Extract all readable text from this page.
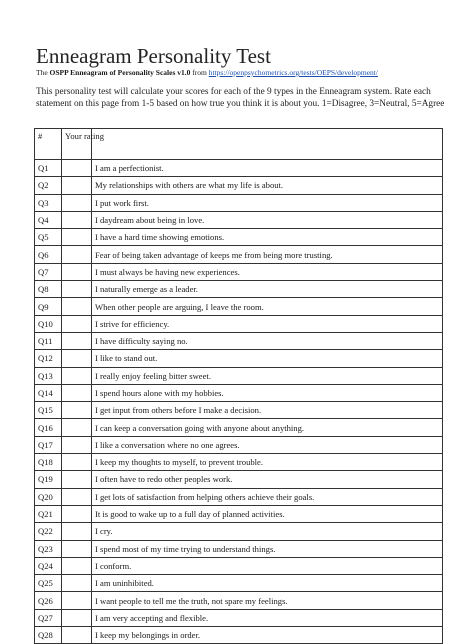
Enneagram Personality Test
The OSPP Enneagram of Personality Scales v1.0 from https://openpsychometrics.org/tests/OEPS/development/
This personality test will calculate your scores for each of the 9 types in the Enneagram system. Rate each statement on this page from 1-5 based on how true you think it is about you. 1=Disagree, 3=Neutral, 5=Agree
#	Your rating	
Q1		I am a perfectionist.
Q2		My relationships with others are what my life is about.
Q3		I put work first.
Q4		I daydream about being in love.
Q5		I have a hard time showing emotions.
Q6		Fear of being taken advantage of keeps me from being more trusting.
Q7		I must always be having new experiences.
Q8		I naturally emerge as a leader.
Q9		When other people are arguing, I leave the room.
Q10		I strive for efficiency.
Q11		I have difficulty saying no.
Q12		I like to stand out.
Q13		I really enjoy feeling bitter sweet.
Q14		I spend hours alone with my hobbies.
Q15		I get input from others before I make a decision.
Q16		I can keep a conversation going with anyone about anything.
Q17		I like a conversation where no one agrees.
Q18		I keep my thoughts to myself, to prevent trouble.
Q19		I often have to redo other peoples work.
Q20		I get lots of satisfaction from helping others achieve their goals.
Q21		It is good to wake up to a full day of planned activities.
Q22		I cry.
Q23		I spend most of my time trying to understand things.
Q24		I conform.
Q25		I am uninhibited.
Q26		I want people to tell me the truth, not spare my feelings.
Q27		I am very accepting and flexible.
Q28		I keep my belongings in order.
